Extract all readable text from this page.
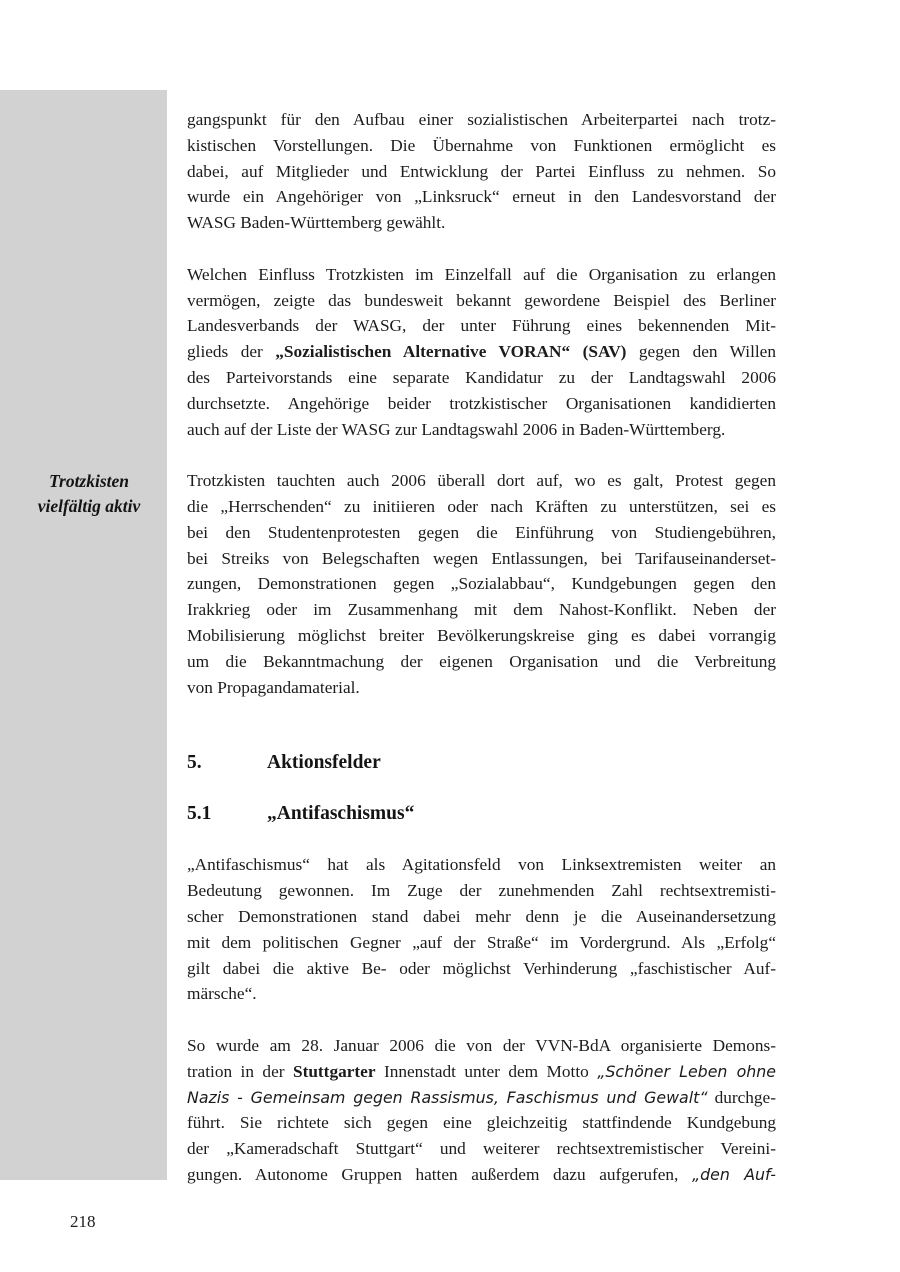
Trotzkisten
vielfältig aktiv

gangspunkt für den Aufbau einer sozialistischen Arbeiterpartei nach trotz-
kistischen Vorstellungen. Die Übernahme von Funktionen ermöglicht es
dabei, auf Mitglieder und Entwicklung der Partei Einfluss zu nehmen. So
wurde ein Angehöriger von „Linksruck“ erneut in den Landesvorstand der
WASG Baden-Württemberg gewählt.

Welchen Einfluss Trotzkisten im Einzelfall auf die Organisation zu erlangen
vermögen, zeigte das bundesweit bekannt gewordene Beispiel des Berliner
Landesverbands der WASG, der unter Führung eines bekennenden Mit-
glieds der „Sozialistischen Alternative VORAN“ (SAV) gegen den Willen
des Parteivorstands eine separate Kandidatur zu der Landtagswahl 2006
durchsetzte. Angehörige beider trotzkistischer Organisationen kandidierten
auch auf der Liste der WASG zur Landtagswahl 2006 in Baden-Württemberg.

Trotzkisten tauchten auch 2006 überall dort auf, wo es galt, Protest gegen
die „Herrschenden“ zu initiieren oder nach Kräften zu unterstützen, sei es
bei den Studentenprotesten gegen die Einführung von Studiengebühren,
bei Streiks von Belegschaften wegen Entlassungen, bei Tarifauseinanderset-
zungen, Demonstrationen gegen „Sozialabbau“, Kundgebungen gegen den
Irakkrieg oder im Zusammenhang mit dem Nahost-Konflikt. Neben der
Mobilisierung möglichst breiter Bevölkerungskreise ging es dabei vorrangig
um die Bekanntmachung der eigenen Organisation und die Verbreitung
von Propagandamaterial.

5.	Aktionsfelder
5.1	„Antifaschismus“

„Antifaschismus“ hat als Agitationsfeld von Linksextremisten weiter an
Bedeutung gewonnen. Im Zuge der zunehmenden Zahl rechtsextremisti-
scher Demonstrationen stand dabei mehr denn je die Auseinandersetzung
mit dem politischen Gegner „auf der Straße“ im Vordergrund. Als „Erfolg“
gilt dabei die aktive Be- oder möglichst Verhinderung „faschistischer Auf-
märsche“.

So wurde am 28. Januar 2006 die von der VVN-BdA organisierte Demons-
tration in der Stuttgarter Innenstadt unter dem Motto „Schöner Leben ohne
Nazis - Gemeinsam gegen Rassismus, Faschismus und Gewalt“ durchge-
führt. Sie richtete sich gegen eine gleichzeitig stattfindende Kundgebung
der „Kameradschaft Stuttgart“ und weiterer rechtsextremistischer Vereini-
gungen. Autonome Gruppen hatten außerdem dazu aufgerufen, „den Auf-

218
